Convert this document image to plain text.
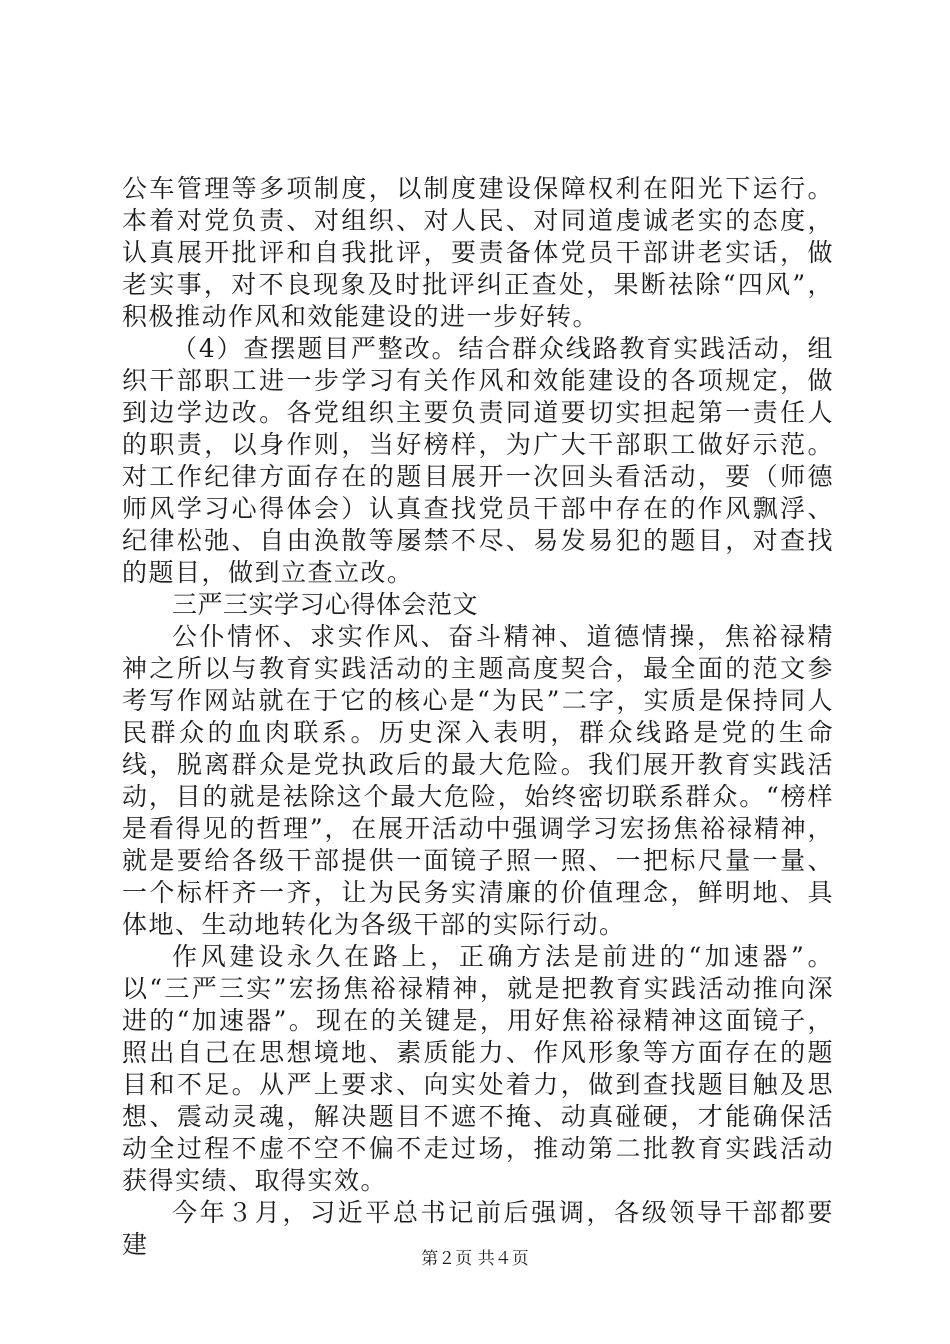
公车管理等多项制度，以制度建设保障权利在阳光下运行。本着对党负责、对组织、对人民、对同道虔诚老实的态度，认真展开批评和自我批评，要责备体党员干部讲老实话，做老实事，对不良现象及时批评纠正查处，果断祛除“四风”，积极推动作风和效能建设的进一步好转。

（4）查摆题目严整改。结合群众线路教育实践活动，组织干部职工进一步学习有关作风和效能建设的各项规定，做到边学边改。各党组织主要负责同道要切实担起第一责任人的职责，以身作则，当好榜样，为广大干部职工做好示范。对工作纪律方面存在的题目展开一次回头看活动，要（师德师风学习心得体会）认真查找党员干部中存在的作风飘浮、纪律松弛、自由涣散等屡禁不尽、易发易犯的题目，对查找的题目，做到立查立改。

三严三实学习心得体会范文

公仆情怀、求实作风、奋斗精神、道德情操，焦裕禄精神之所以与教育实践活动的主题高度契合，最全面的范文参考写作网站就在于它的核心是“为民”二字，实质是保持同人民群众的血肉联系。历史深入表明，群众线路是党的生命线，脱离群众是党执政后的最大危险。我们展开教育实践活动，目的就是祛除这个最大危险，始终密切联系群众。“榜样是看得见的哲理”，在展开活动中强调学习宏扬焦裕禄精神，就是要给各级干部提供一面镜子照一照、一把标尺量一量、一个标杆齐一齐，让为民务实清廉的价值理念，鲜明地、具体地、生动地转化为各级干部的实际行动。

作风建设永久在路上，正确方法是前进的“加速器”。以“三严三实”宏扬焦裕禄精神，就是把教育实践活动推向深进的“加速器”。现在的关键是，用好焦裕禄精神这面镜子，照出自己在思想境地、素质能力、作风形象等方面存在的题目和不足。从严上要求、向实处着力，做到查找题目触及思想、震动灵魂，解决题目不遮不掩、动真碰硬，才能确保活动全过程不虚不空不偏不走过场，推动第二批教育实践活动获得实绩、取得实效。

今年３月，习近平总书记前后强调，各级领导干部都要建	第２页 共４页
